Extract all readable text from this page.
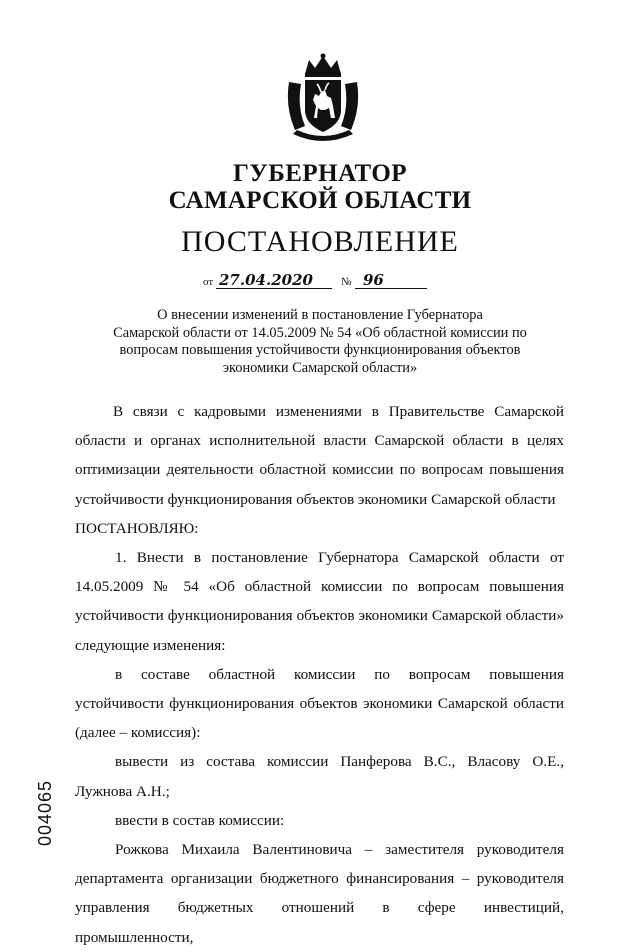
ГУБЕРНАТОР
САМАРСКОЙ ОБЛАСТИ
ПОСТАНОВЛЕНИЕ
от 27.04.2020	№ 96
О внесении изменений в постановление Губернатора
Самарской области от 14.05.2009 № 54 «Об областной комиссии по
вопросам повышения устойчивости функционирования объектов
экономики Самарской области»

В связи с кадровыми изменениями в Правительстве Самарской области и органах исполнительной власти Самарской области в целях оптимизации деятельности областной комиссии по вопросам повышения устойчивости функционирования объектов экономики Самарской области

ПОСТАНОВЛЯЮ:

1. Внести в постановление Губернатора Самарской области от 14.05.2009 № 54 «Об областной комиссии по вопросам повышения устойчивости функционирования объектов экономики Самарской области» следующие изменения:

в составе областной комиссии по вопросам повышения устойчивости функционирования объектов экономики Самарской области (далее – комиссия):

вывести из состава комиссии Панферова В.С., Власову О.Е., Лужнова А.Н.;

ввести в состав комиссии:

Рожкова Михаила Валентиновича – заместителя руководителя департамента организации бюджетного финансирования – руководителя управления бюджетных отношений в сфере инвестиций, промышленности,

004065
